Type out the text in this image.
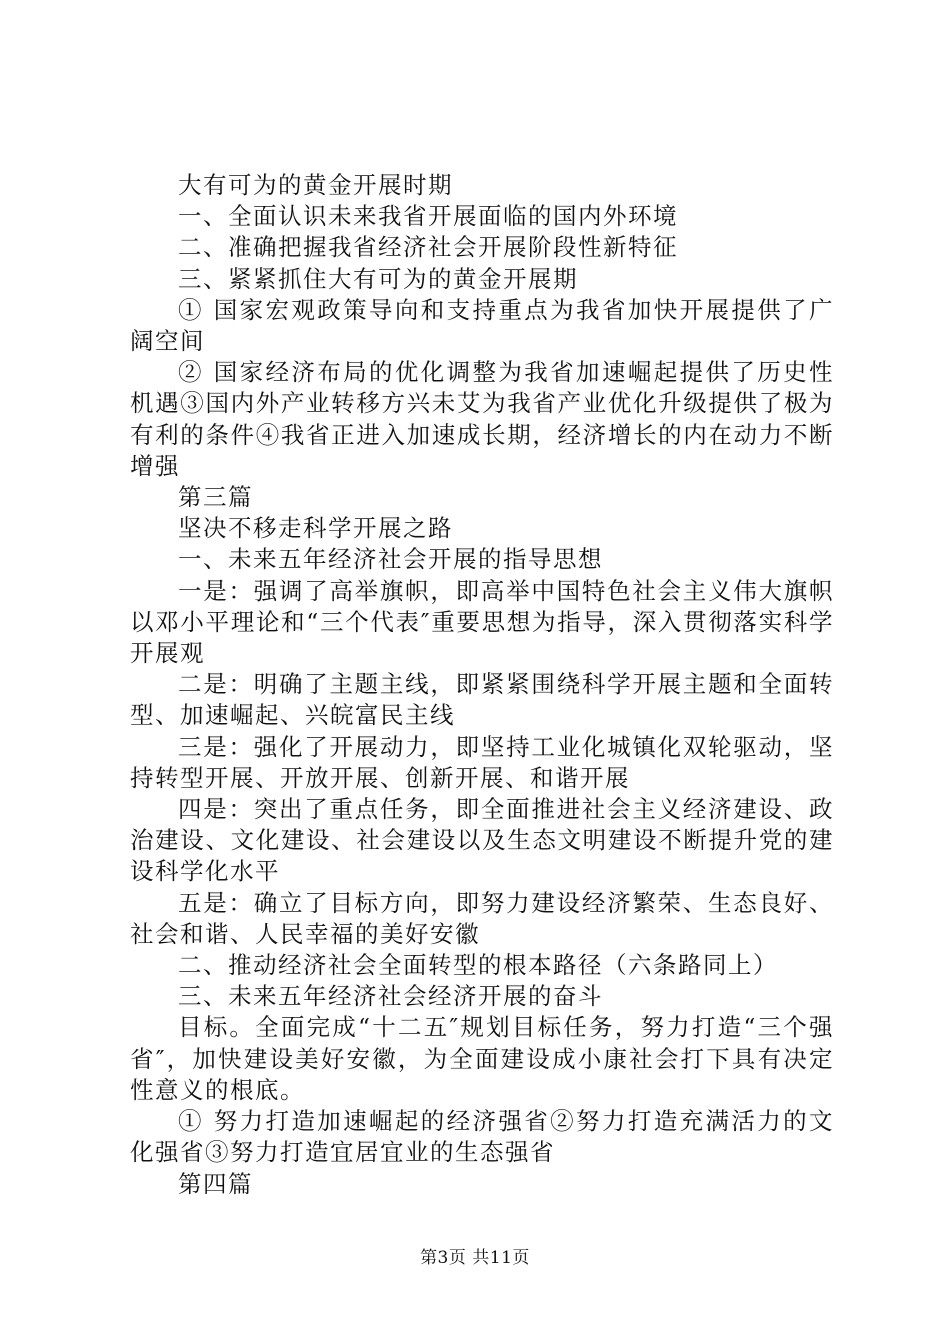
大有可为的黄金开展时期

一、全面认识未来我省开展面临的国内外环境

二、准确把握我省经济社会开展阶段性新特征

三、紧紧抓住大有可为的黄金开展期

① 国家宏观政策导向和支持重点为我省加快开展提供了广阔空间

② 国家经济布局的优化调整为我省加速崛起提供了历史性机遇③国内外产业转移方兴未艾为我省产业优化升级提供了极为有利的条件④我省正进入加速成长期，经济增长的内在动力不断增强

第三篇

坚决不移走科学开展之路

一、未来五年经济社会开展的指导思想

一是：强调了高举旗帜，即高举中国特色社会主义伟大旗帜以邓小平理论和“三个代表″重要思想为指导，深入贯彻落实科学开展观

二是：明确了主题主线，即紧紧围绕科学开展主题和全面转型、加速崛起、兴皖富民主线

三是：强化了开展动力，即坚持工业化城镇化双轮驱动，坚持转型开展、开放开展、创新开展、和谐开展

四是：突出了重点任务，即全面推进社会主义经济建设、政治建设、文化建设、社会建设以及生态文明建设不断提升党的建设科学化水平

五是：确立了目标方向，即努力建设经济繁荣、生态良好、社会和谐、人民幸福的美好安徽

二、推动经济社会全面转型的根本路径（六条路同上）

三、未来五年经济社会经济开展的奋斗

目标。全面完成“十二五″规划目标任务，努力打造“三个强省″，加快建设美好安徽，为全面建设成小康社会打下具有决定性意义的根底。

① 努力打造加速崛起的经济强省②努力打造充满活力的文化强省③努力打造宜居宜业的生态强省

第四篇

第3页 共11页
